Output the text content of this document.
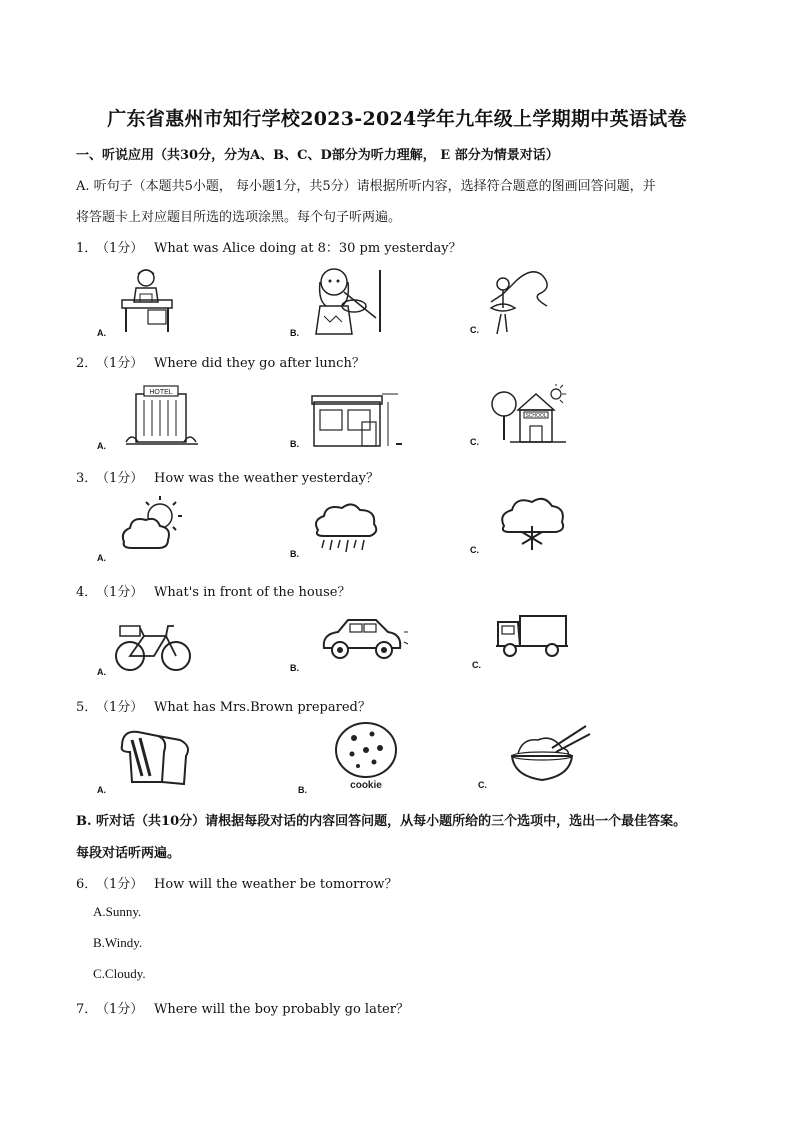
广东省惠州市知行学校2023-2024学年九年级上学期期中英语试卷
一、听说应用（共30分，分为A、B、C、D部分为听力理解， E 部分为情景对话）
A. 听句子（本题共5小题， 每小题1分，共5分）请根据所听内容，选择符合题意的图画回答问题，并
将答题卡上对应题目所选的选项涂黑。每个句子听两遍。
1．（1分） What was Alice doing at 8：30 pm yesterday？
A.	B.	C.
2．（1分） Where did they go after lunch？
A.	B.	C.
HOTEL
SCHOOL
3．（1分） How was the weather yesterday？
A.	B.	C.
4．（1分） What's in front of the house？
A.	B.	C.
5．（1分） What has Mrs.Brown prepared？
A.	B.	C.
cookie
B. 听对话（共10分）请根据每段对话的内容回答问题，从每小题所给的三个选项中，选出一个最佳答案。
每段对话听两遍。
6．（1分） How will the weather be tomorrow？
A.Sunny.
B.Windy.
C.Cloudy.
7．（1分） Where will the boy probably go later？
